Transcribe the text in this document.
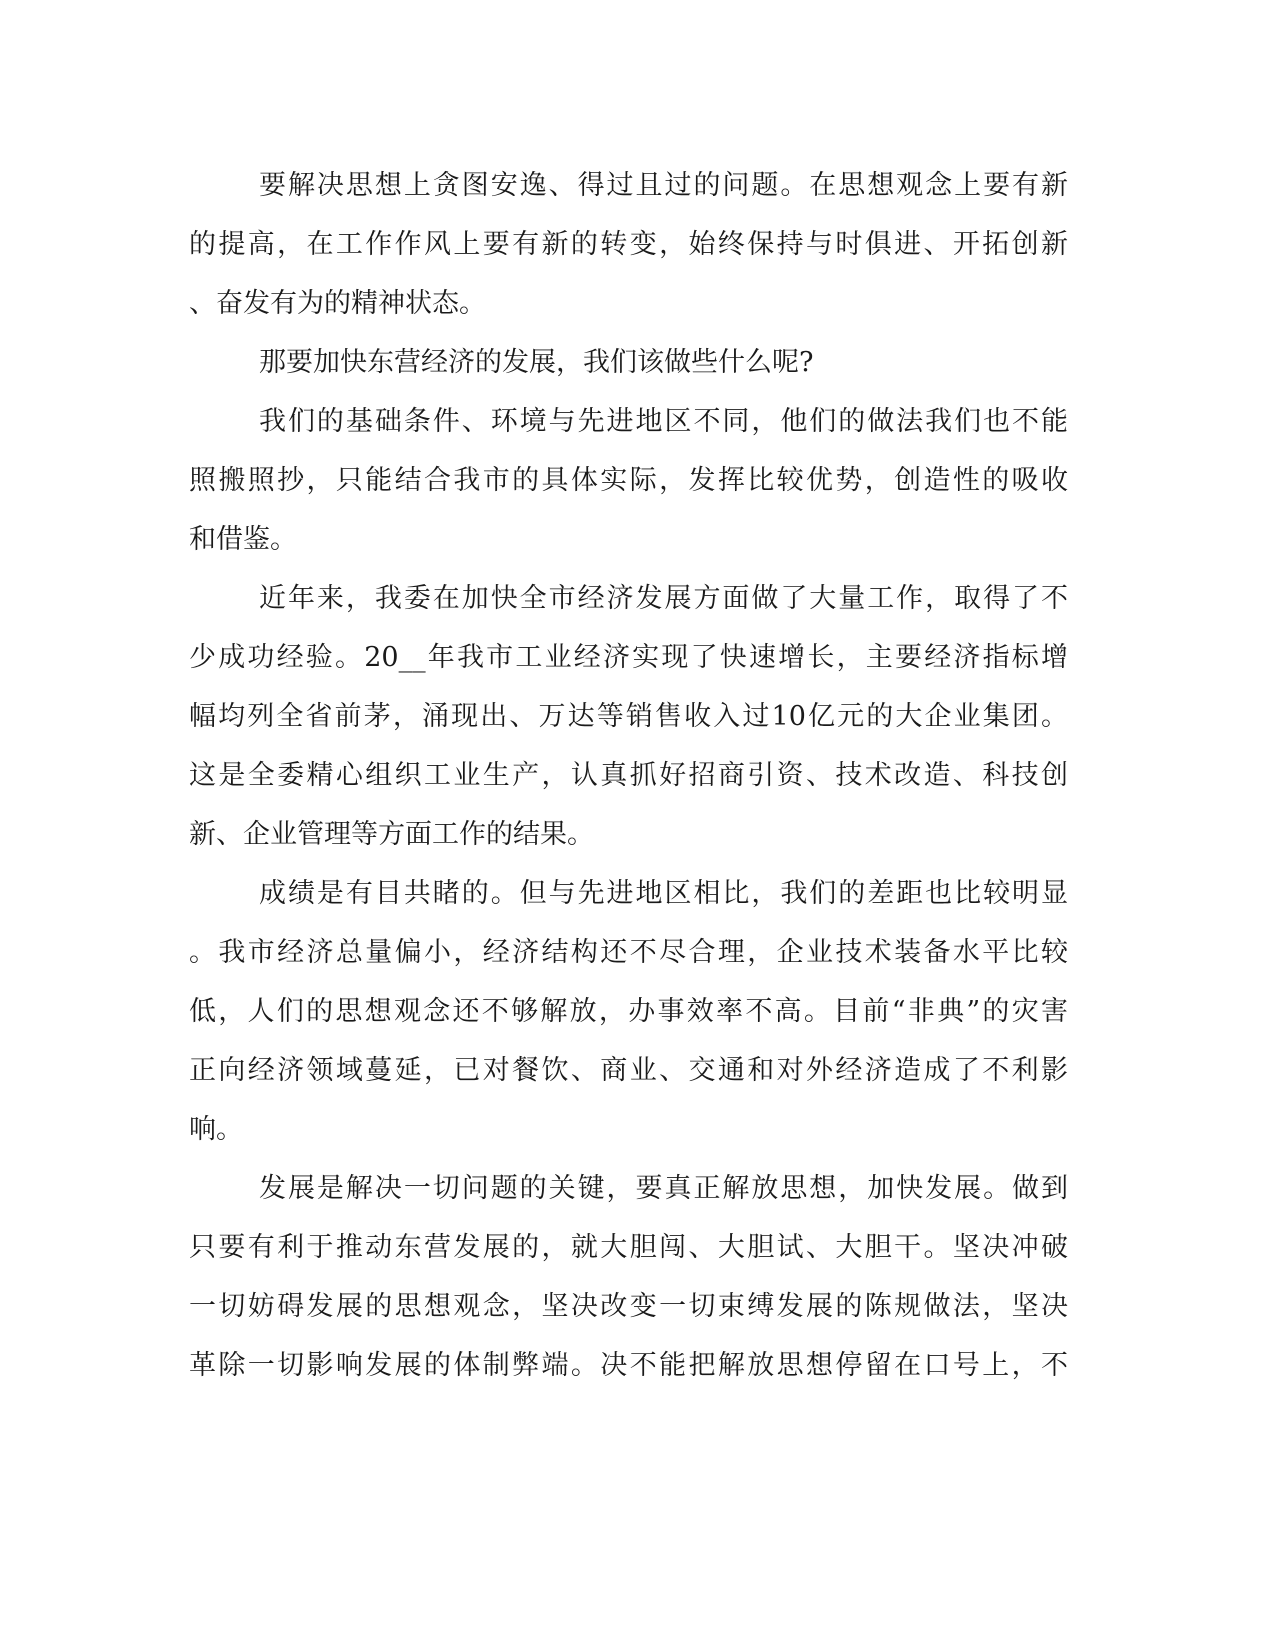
要解决思想上贪图安逸、得过且过的问题。在思想观念上要有新
的提高，在工作作风上要有新的转变，始终保持与时俱进、开拓创新
、奋发有为的精神状态。
那要加快东营经济的发展，我们该做些什么呢?
我们的基础条件、环境与先进地区不同，他们的做法我们也不能
照搬照抄，只能结合我市的具体实际，发挥比较优势，创造性的吸收
和借鉴。
近年来，我委在加快全市经济发展方面做了大量工作，取得了不
少成功经验。20__年我市工业经济实现了快速增长，主要经济指标增
幅均列全省前茅，涌现出、万达等销售收入过10亿元的大企业集团。
这是全委精心组织工业生产，认真抓好招商引资、技术改造、科技创
新、企业管理等方面工作的结果。
成绩是有目共睹的。但与先进地区相比，我们的差距也比较明显
。我市经济总量偏小，经济结构还不尽合理，企业技术装备水平比较
低，人们的思想观念还不够解放，办事效率不高。目前“非典”的灾害
正向经济领域蔓延，已对餐饮、商业、交通和对外经济造成了不利影
响。
发展是解决一切问题的关键，要真正解放思想，加快发展。做到
只要有利于推动东营发展的，就大胆闯、大胆试、大胆干。坚决冲破
一切妨碍发展的思想观念，坚决改变一切束缚发展的陈规做法，坚决
革除一切影响发展的体制弊端。决不能把解放思想停留在口号上，不
